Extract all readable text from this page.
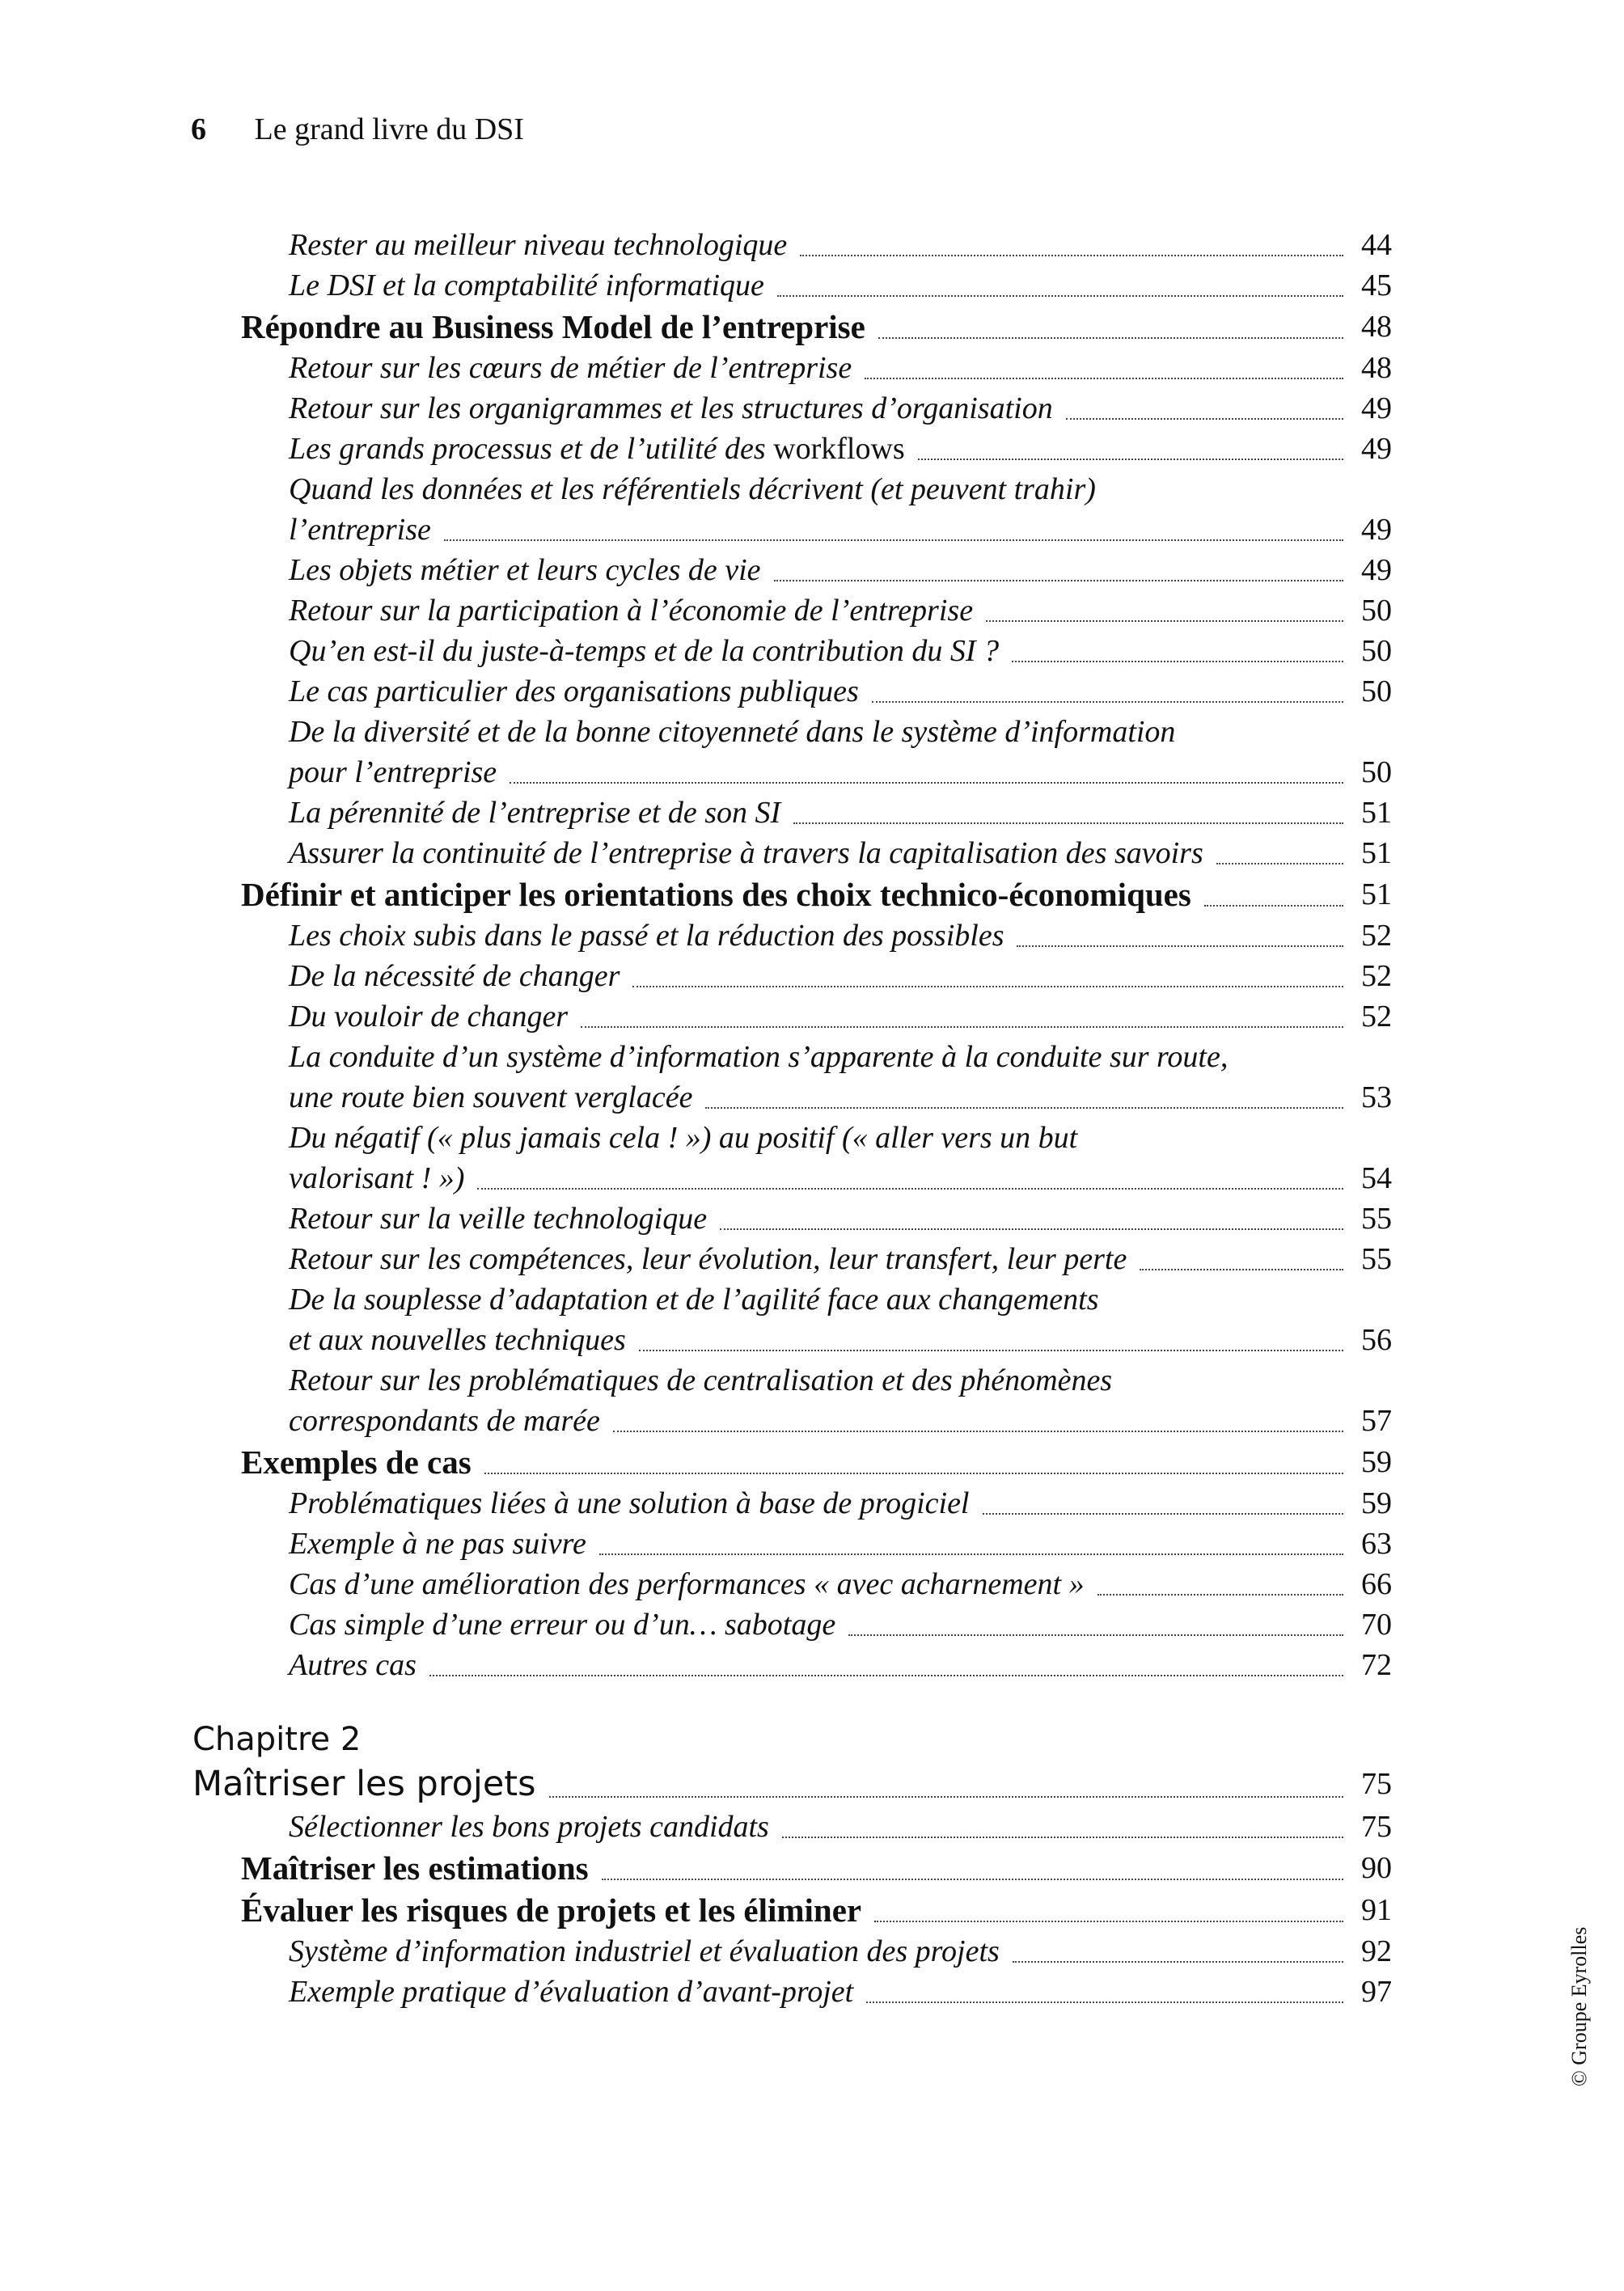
6 Le grand livre du DSI
Rester au meilleur niveau technologique	44
Le DSI et la comptabilité informatique	45
Répondre au Business Model de l’entreprise	48
Retour sur les cœurs de métier de l’entreprise	48
Retour sur les organigrammes et les structures d’organisation	49
Les grands processus et de l’utilité des workflows	49
Quand les données et les référentiels décrivent (et peuvent trahir)
l’entreprise	49
Les objets métier et leurs cycles de vie	49
Retour sur la participation à l’économie de l’entreprise	50
Qu’en est-il du juste-à-temps et de la contribution du SI ?	50
Le cas particulier des organisations publiques	50
De la diversité et de la bonne citoyenneté dans le système d’information
pour l’entreprise	50
La pérennité de l’entreprise et de son SI	51
Assurer la continuité de l’entreprise à travers la capitalisation des savoirs	51
Définir et anticiper les orientations des choix technico-économiques	51
Les choix subis dans le passé et la réduction des possibles	52
De la nécessité de changer	52
Du vouloir de changer	52
La conduite d’un système d’information s’apparente à la conduite sur route,
une route bien souvent verglacée	53
Du négatif (« plus jamais cela ! ») au positif (« aller vers un but
valorisant ! »)	54
Retour sur la veille technologique	55
Retour sur les compétences, leur évolution, leur transfert, leur perte	55
De la souplesse d’adaptation et de l’agilité face aux changements
et aux nouvelles techniques	56
Retour sur les problématiques de centralisation et des phénomènes
correspondants de marée	57
Exemples de cas	59
Problématiques liées à une solution à base de progiciel	59
Exemple à ne pas suivre	63
Cas d’une amélioration des performances « avec acharnement »	66
Cas simple d’une erreur ou d’un… sabotage	70
Autres cas	72
Chapitre 2
Maîtriser les projets	75
Sélectionner les bons projets candidats	75
Maîtriser les estimations	90
Évaluer les risques de projets et les éliminer	91
Système d’information industriel et évaluation des projets	92
Exemple pratique d’évaluation d’avant-projet	97	© Groupe Eyrolles
